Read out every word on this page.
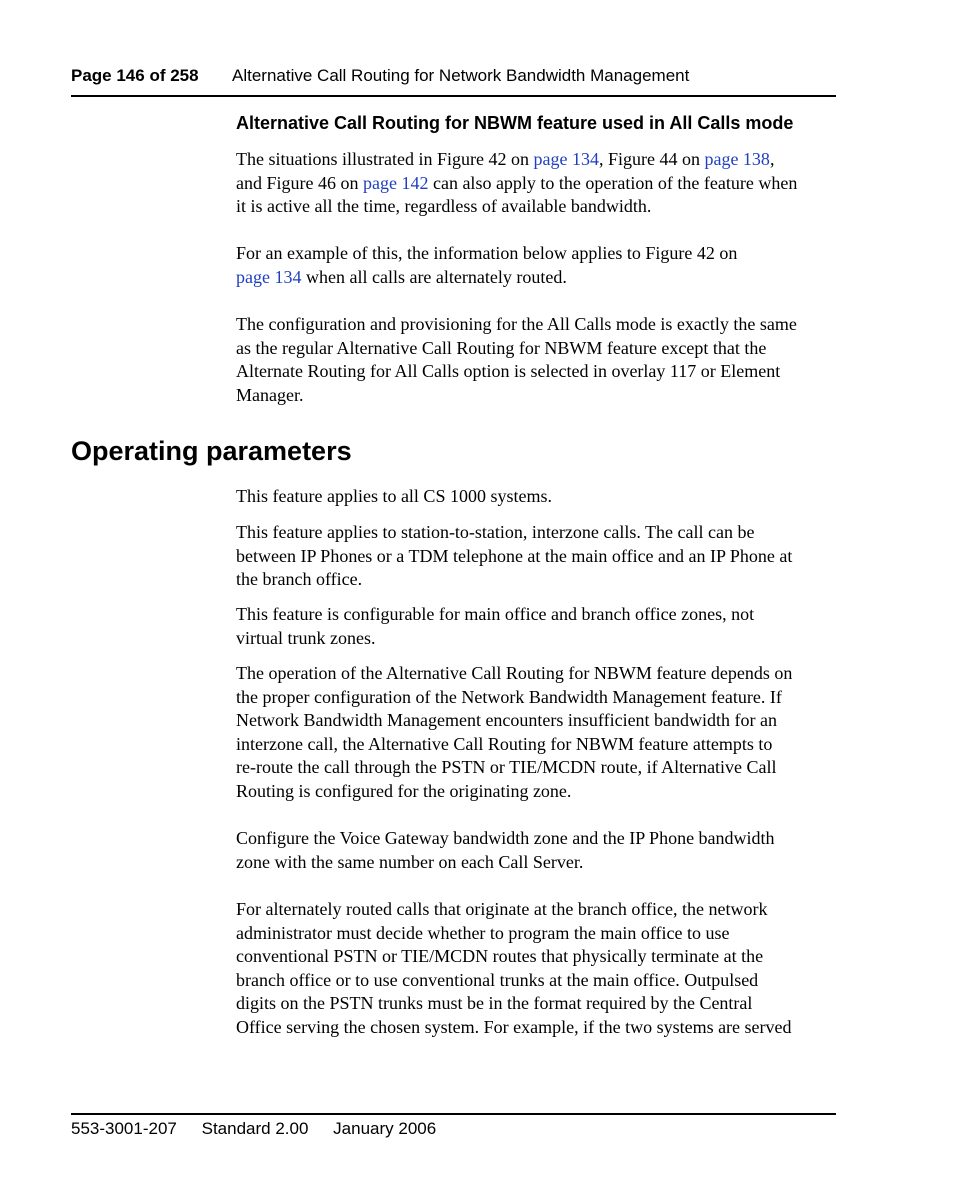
Page 146 of 258 Alternative Call Routing for Network Bandwidth Management
Alternative Call Routing for NBWM feature used in All Calls mode
The situations illustrated in Figure 42 on page 134, Figure 44 on page 138,
and Figure 46 on page 142 can also apply to the operation of the feature when
it is active all the time, regardless of available bandwidth.
For an example of this, the information below applies to Figure 42 on
page 134 when all calls are alternately routed.
The configuration and provisioning for the All Calls mode is exactly the same
as the regular Alternative Call Routing for NBWM feature except that the
Alternate Routing for All Calls option is selected in overlay 117 or Element
Manager.
Operating parameters
This feature applies to all CS 1000 systems.
This feature applies to station-to-station, interzone calls. The call can be
between IP Phones or a TDM telephone at the main office and an IP Phone at
the branch office.
This feature is configurable for main office and branch office zones, not
virtual trunk zones.
The operation of the Alternative Call Routing for NBWM feature depends on
the proper configuration of the Network Bandwidth Management feature. If
Network Bandwidth Management encounters insufficient bandwidth for an
interzone call, the Alternative Call Routing for NBWM feature attempts to
re-route the call through the PSTN or TIE/MCDN route, if Alternative Call
Routing is configured for the originating zone.
Configure the Voice Gateway bandwidth zone and the IP Phone bandwidth
zone with the same number on each Call Server.
For alternately routed calls that originate at the branch office, the network
administrator must decide whether to program the main office to use
conventional PSTN or TIE/MCDN routes that physically terminate at the
branch office or to use conventional trunks at the main office. Outpulsed
digits on the PSTN trunks must be in the format required by the Central
Office serving the chosen system. For example, if the two systems are served
553-3001-207 Standard 2.00 January 2006
